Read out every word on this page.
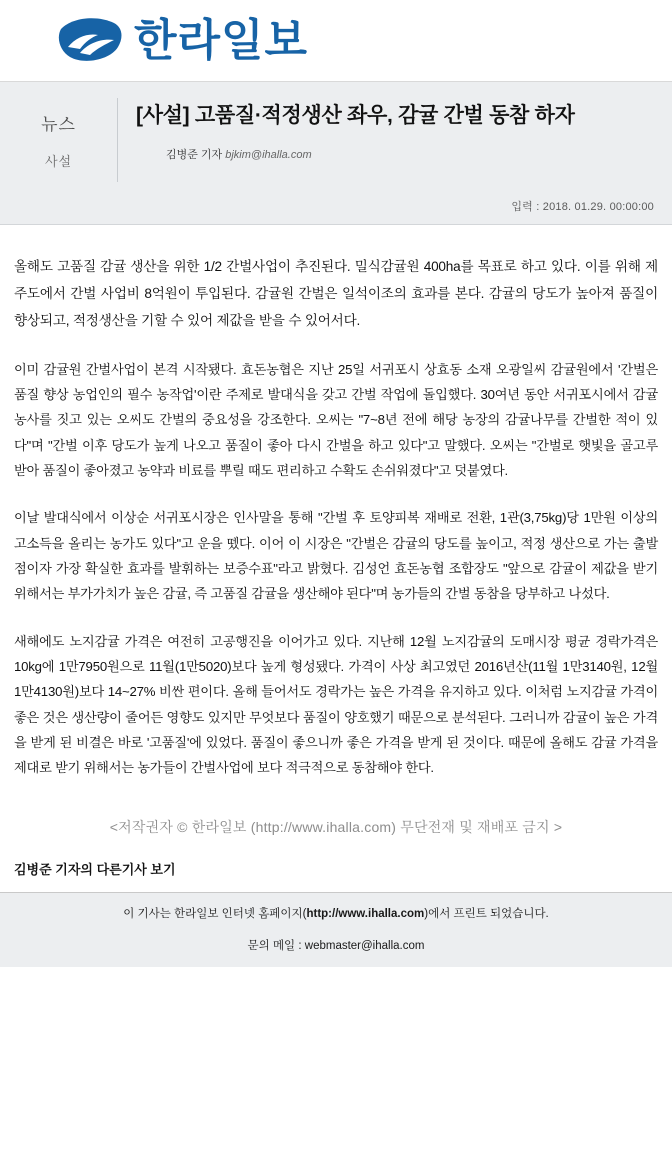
한라일보
뉴스
사설
[사설] 고품질·적정생산 좌우, 감귤 간벌 동참 하자
김병준 기자 bjkim@ihalla.com
입력 : 2018. 01.29. 00:00:00

올해도 고품질 감귤 생산을 위한 1/2 간벌사업이 추진된다. 밀식감귤원 400ha를 목표로 하고 있다. 이를 위해 제주도에서 간벌 사업비 8억원이 투입된다. 감귤원 간벌은 일석이조의 효과를 본다. 감귤의 당도가 높아져 품질이 향상되고, 적정생산을 기할 수 있어 제값을 받을 수 있어서다.

이미 감귤원 간벌사업이 본격 시작됐다. 효돈농협은 지난 25일 서귀포시 상효동 소재 오광일씨 감귤원에서 '간벌은 품질 향상 농업인의 필수 농작업'이란 주제로 발대식을 갖고 간벌 작업에 돌입했다. 30여년 동안 서귀포시에서 감귤농사를 짓고 있는 오씨도 간벌의 중요성을 강조한다. 오씨는 "7~8년 전에 해당 농장의 감귤나무를 간벌한 적이 있다"며 "간벌 이후 당도가 높게 나오고 품질이 좋아 다시 간벌을 하고 있다"고 말했다. 오씨는 "간벌로 햇빛을 골고루 받아 품질이 좋아졌고 농약과 비료를 뿌릴 때도 편리하고 수확도 손쉬워졌다"고 덧붙였다.

이날 발대식에서 이상순 서귀포시장은 인사말을 통해 "간벌 후 토양피복 재배로 전환, 1관(3,75kg)당 1만원 이상의 고소득을 올리는 농가도 있다"고 운을 뗐다. 이어 이 시장은 "간벌은 감귤의 당도를 높이고, 적정 생산으로 가는 출발점이자 가장 확실한 효과를 발휘하는 보증수표"라고 밝혔다. 김성언 효돈농협 조합장도 "앞으로 감귤이 제값을 받기 위해서는 부가가치가 높은 감귤, 즉 고품질 감귤을 생산해야 된다"며 농가들의 간벌 동참을 당부하고 나섰다.

새해에도 노지감귤 가격은 여전히 고공행진을 이어가고 있다. 지난해 12월 노지감귤의 도매시장 평균 경락가격은 10kg에 1만7950원으로 11월(1만5020)보다 높게 형성됐다. 가격이 사상 최고였던 2016년산(11월 1만3140원, 12월 1만4130원)보다 14~27% 비싼 편이다. 올해 들어서도 경락가는 높은 가격을 유지하고 있다. 이처럼 노지감귤 가격이 좋은 것은 생산량이 줄어든 영향도 있지만 무엇보다 품질이 양호했기 때문으로 분석된다. 그러니까 감귤이 높은 가격을 받게 된 비결은 바로 '고품질'에 있었다. 품질이 좋으니까 좋은 가격을 받게 된 것이다. 때문에 올해도 감귤 가격을 제대로 받기 위해서는 농가들이 간벌사업에 보다 적극적으로 동참해야 한다.

<저작권자 © 한라일보 (http://www.ihalla.com) 무단전재 및 재배포 금지 >
김병준 기자의 다른기사 보기
이 기사는 한라일보 인터넷 홈페이지(http://www.ihalla.com)에서 프린트 되었습니다.
문의 메일 : webmaster@ihalla.com
